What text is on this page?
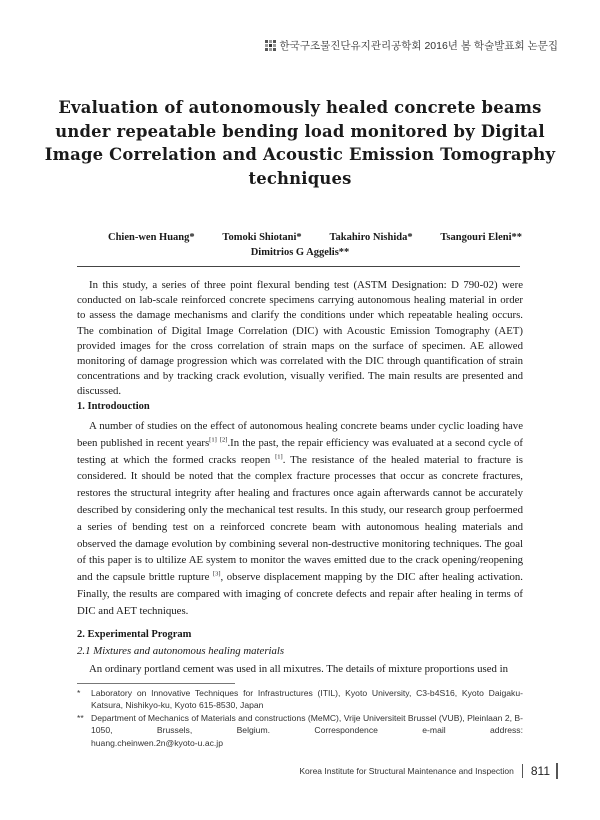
한국구조물진단유지관리공학회 2016년 봄 학술발표회 논문집
Evaluation of autonomously healed concrete beams under repeatable bending load monitored by Digital Image Correlation and Acoustic Emission Tomography techniques
Chien-wen Huang*	Tomoki Shiotani*	Takahiro Nishida*	Tsangouri Eleni**
Dimitrios G Aggelis**
In this study, a series of three point flexural bending test (ASTM Designation: D 790-02) were conducted on lab-scale reinforced concrete specimens carrying autonomous healing material in order to assess the damage mechanisms and clarify the conditions under which repeatable healing occurs. The combination of Digital Image Correlation (DIC) with Acoustic Emission Tomography (AET) provided images for the cross correlation of strain maps on the surface of specimen. AE allowed monitoring of damage progression which was correlated with the DIC through quantification of strain concentrations and by tracking crack evolution, visually verified. The main results are presented and discussed.
1. Introdouction
A number of studies on the effect of autonomous healing concrete beams under cyclic loading have been published in recent years[1] [2].In the past, the repair efficiency was evaluated at a second cycle of testing at which the formed cracks reopen [1]. The resistance of the healed material to fracture is considered. It should be noted that the complex fracture processes that occur as concrete fractures, restores the structural integrity after healing and fractures once again afterwards cannot be accurately described by considering only the mechanical test results. In this study, our research group perfoermed a series of bending test on a reinforced concrete beam with autonomous healing materials and observed the damage evolution by combining several non-destructive monitoring techniques. The goal of this paper is to ultilize AE system to monitor the waves emitted due to the crack opening/reopening and the capsule brittle rupture [3], observe displacement mapping by the DIC after healing activation. Finally, the results are compared with imaging of concrete defects and repair after healing in terms of DIC and AET techniques.
2. Experimental Program
2.1 Mixtures and autonomous healing materials
An ordinary portland cement was used in all mixutres. The details of mixture proportions used in
*	Laboratory on Innovative Techniques for Infrastructures (ITIL), Kyoto University, C3-b4S16, Kyoto Daigaku-Katsura, Nishikyo-ku, Kyoto 615-8530, Japan
** Department of Mechanics of Materials and constructions (MeMC), Vrije Universiteit Brussel (VUB), Pleinlaan 2, B-1050, Brussels, Belgium. Correspondence e-mail address:
huang.cheinwen.2n@kyoto-u.ac.jp
Korea Institute for Structural Maintenance and Inspection 811
